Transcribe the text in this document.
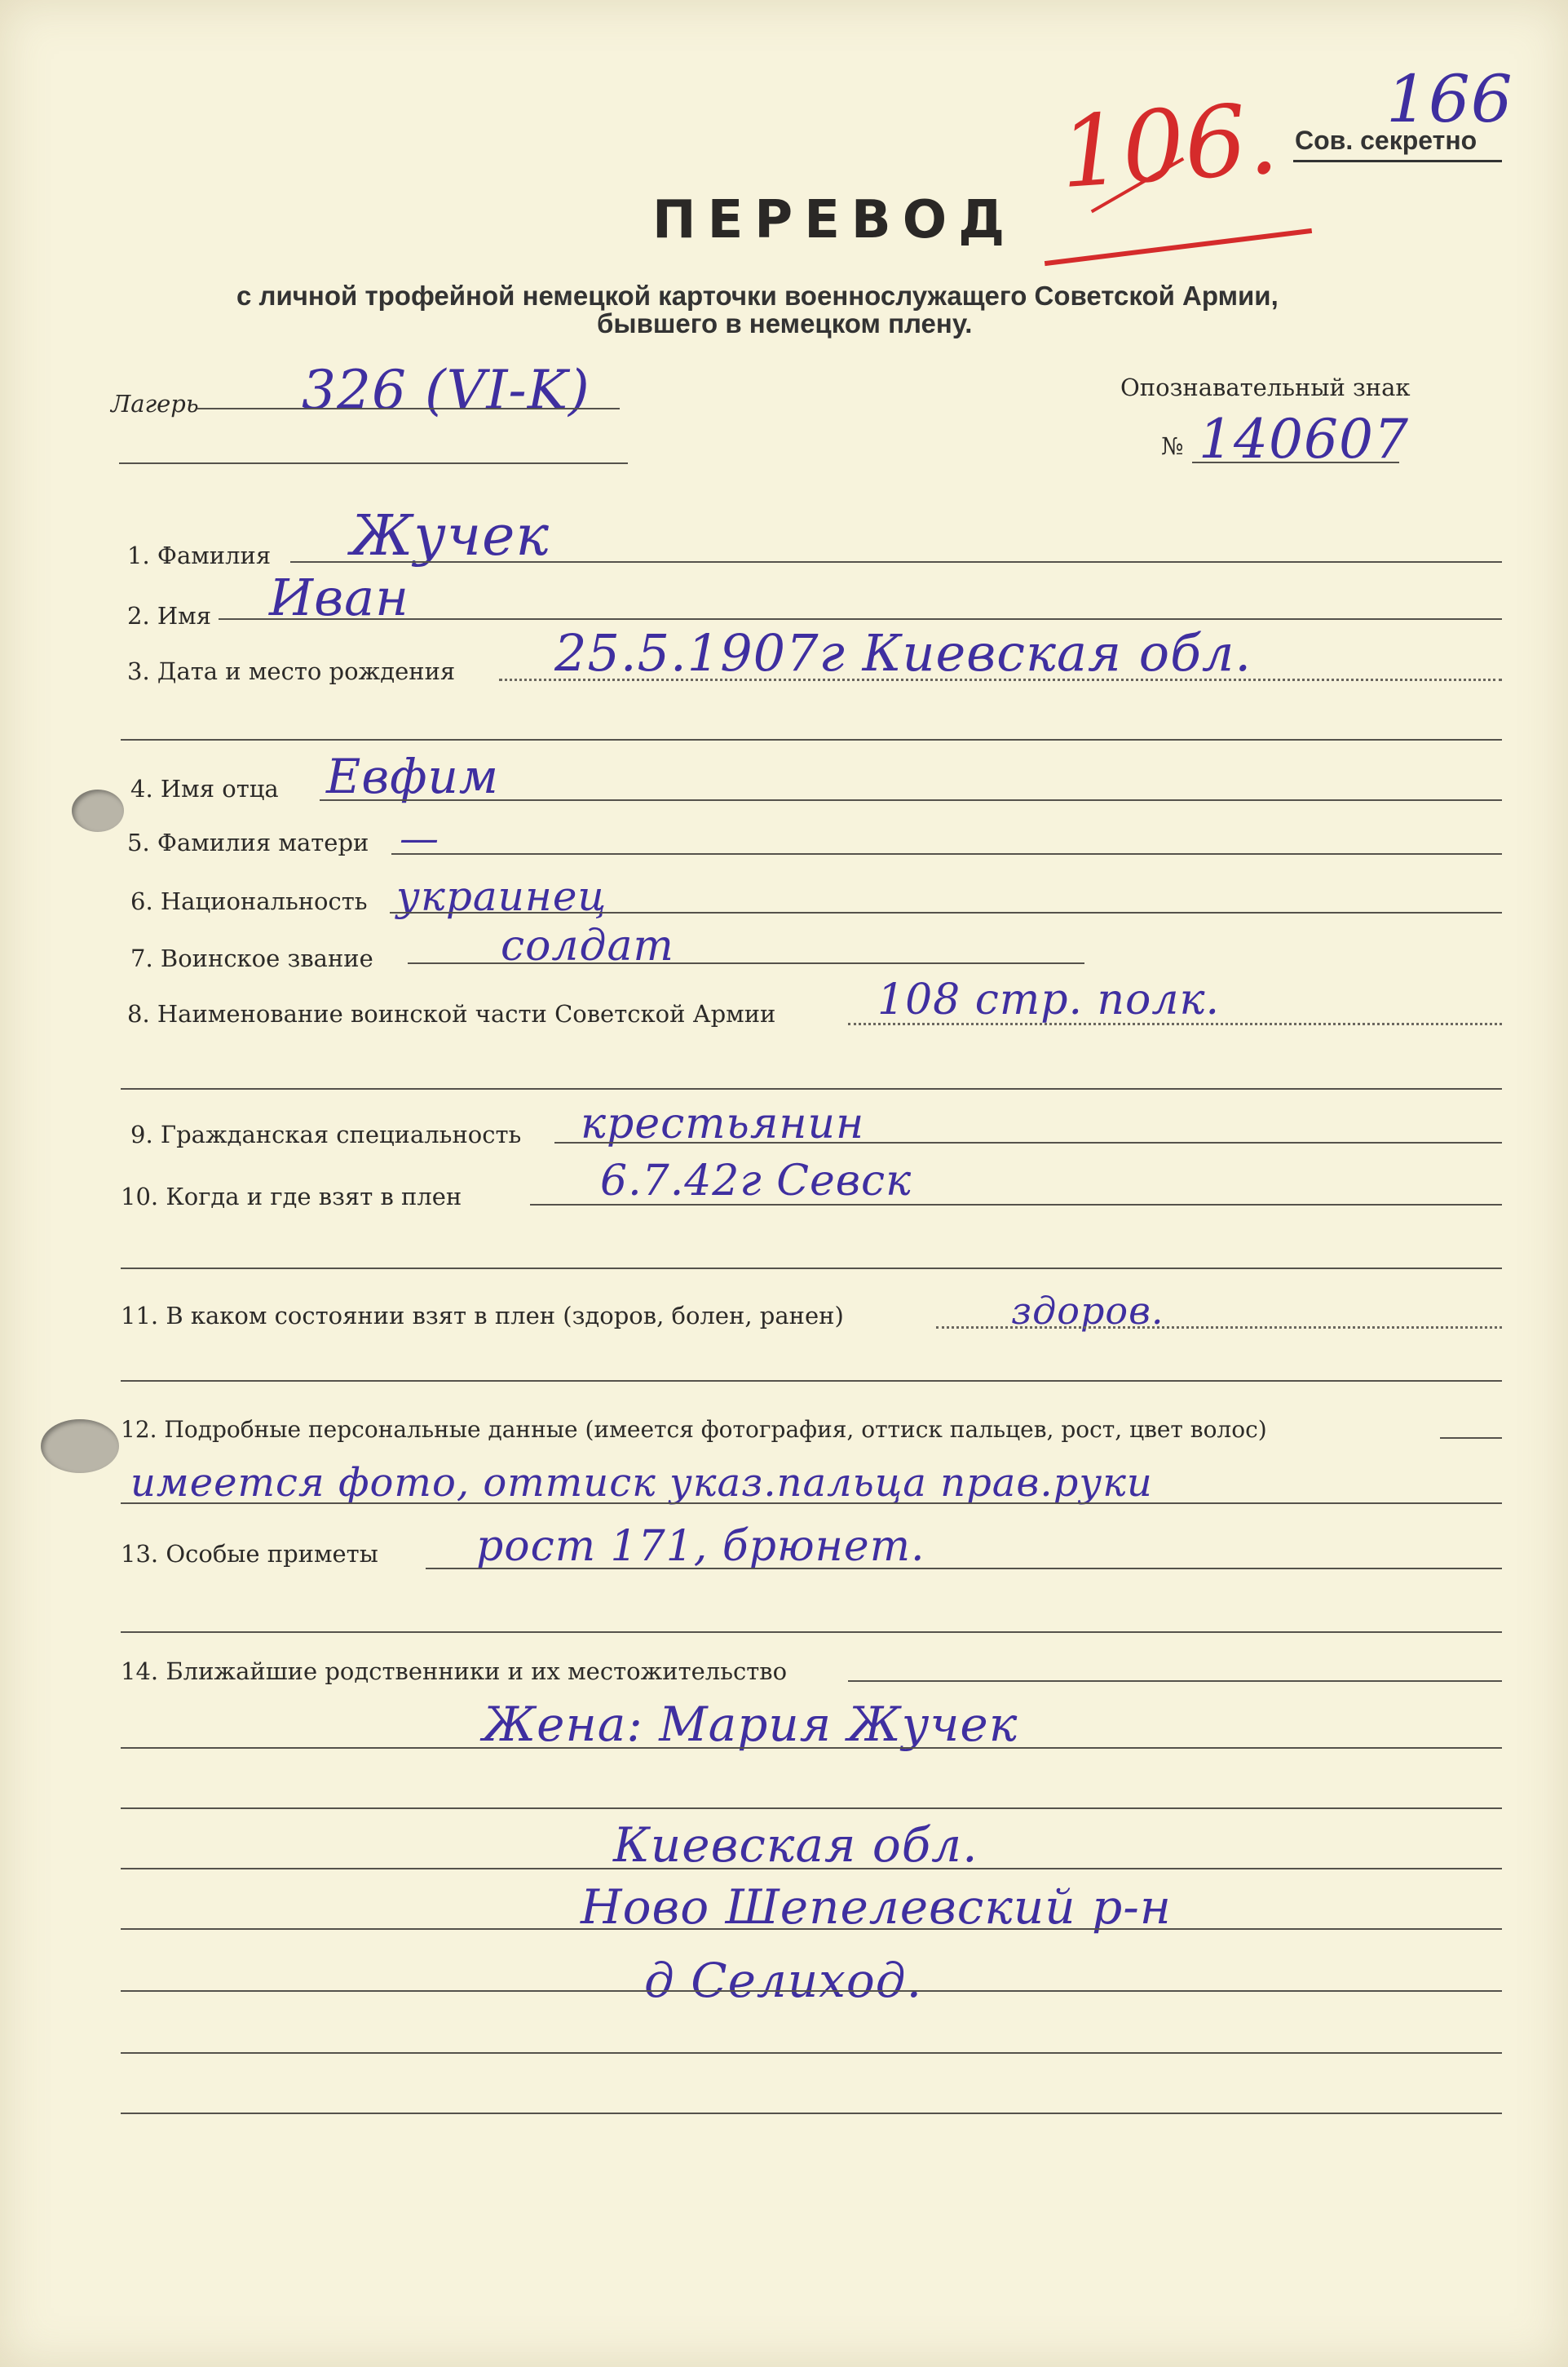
106. 166
Сов. секретно
ПЕРЕВОД
с личной трофейной немецкой карточки военнослужащего Советской Армии,
бывшего в немецком плену.
Лагерь 326 (VI-K)	Опознавательный знак
№ 140607
1. Фамилия Жучек
2. Имя Иван
3. Дата и место рождения 25.5.1907г Киевская обл.
4. Имя отца Евфим
5. Фамилия матери —
6. Национальность украинец
7. Воинское звание	солдат
8. Наименование воинской части Советской Армии 108 стр. полк.
9. Гражданская специальность крестьянин
10. Когда и где взят в плен	6.7.42г Севск
11. В каком состоянии взят в плен (здоров, болен, ранен)	здоров.
12. Подробные персональные данные (имеется фотография, оттиск пальцев, рост, цвет волос)
имеется фото, оттиск указ.пальца прав.руки
13. Особые приметы рост 171, брюнет.
14. Ближайшие родственники и их местожительство
Жена: Мария Жучек
Киевская обл.
Ново Шепелевский р-н
д Селиход.
